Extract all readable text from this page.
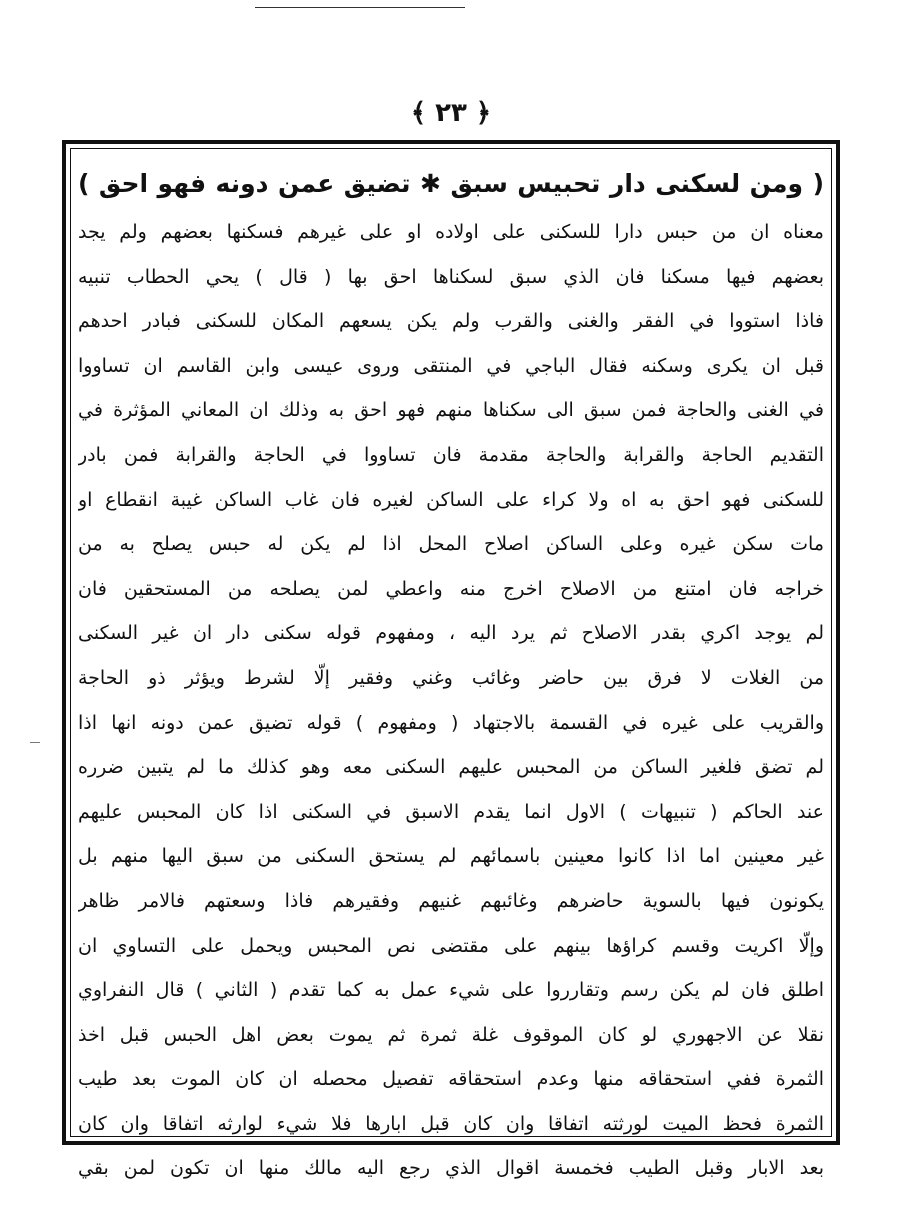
﴿ ٢٣ ﴾
( ومن لسكنى دار تحبيس سبق ✱ تضيق عمن دونه فهو احق )
معناه ان من حبس دارا للسكنى على اولاده او على غيرهم فسكنها بعضهم ولم يجد
بعضهم فيها مسكنا فان الذي سبق لسكناها احق بها ( قال ) يحي الحطاب تنبيه
فاذا استووا في الفقر والغنى والقرب ولم يكن يسعهم المكان للسكنى فبادر احدهم
قبل ان يكرى وسكنه فقال الباجي في المنتقى وروى عيسى وابن القاسم ان تساووا
في الغنى والحاجة فمن سبق الى سكناها منهم فهو احق به وذلك ان المعاني المؤثرة في
التقديم الحاجة والقرابة والحاجة مقدمة فان تساووا في الحاجة والقرابة فمن بادر
للسكنى فهو احق به اه ولا كراء على الساكن لغيره فان غاب الساكن غيبة انقطاع او
مات سكن غيره وعلى الساكن اصلاح المحل اذا لم يكن له حبس يصلح به من
خراجه فان امتنع من الاصلاح اخرج منه واعطي لمن يصلحه من المستحقين فان
لم يوجد اكري بقدر الاصلاح ثم يرد اليه ، ومفهوم قوله سكنى دار ان غير السكنى
من الغلات لا فرق بين حاضر وغائب وغني وفقير إلّا لشرط ويؤثر ذو الحاجة
والقريب على غيره في القسمة بالاجتهاد ( ومفهوم ) قوله تضيق عمن دونه انها اذا
لم تضق فلغير الساكن من المحبس عليهم السكنى معه وهو كذلك ما لم يتبين ضرره
عند الحاكم ( تنبيهات ) الاول انما يقدم الاسبق في السكنى اذا كان المحبس عليهم
غير معينين اما اذا كانوا معينين باسمائهم لم يستحق السكنى من سبق اليها منهم بل
يكونون فيها بالسوية حاضرهم وغائبهم غنيهم وفقيرهم فاذا وسعتهم فالامر ظاهر
وإلّا اكريت وقسم كراؤها بينهم على مقتضى نص المحبس ويحمل على التساوي ان
اطلق فان لم يكن رسم وتقارروا على شيء عمل به كما تقدم ( الثاني ) قال النفراوي
نقلا عن الاجهوري لو كان الموقوف غلة ثمرة ثم يموت بعض اهل الحبس قبل اخذ
الثمرة ففي استحقاقه منها وعدم استحقاقه تفصيل محصله ان كان الموت بعد طيب
الثمرة فحظ الميت لورثته اتفاقا وان كان قبل ابارها فلا شيء لوارثه اتفاقا وان كان
بعد الابار وقبل الطيب فخمسة اقوال الذي رجع اليه مالك منها ان تكون لمن بقي
